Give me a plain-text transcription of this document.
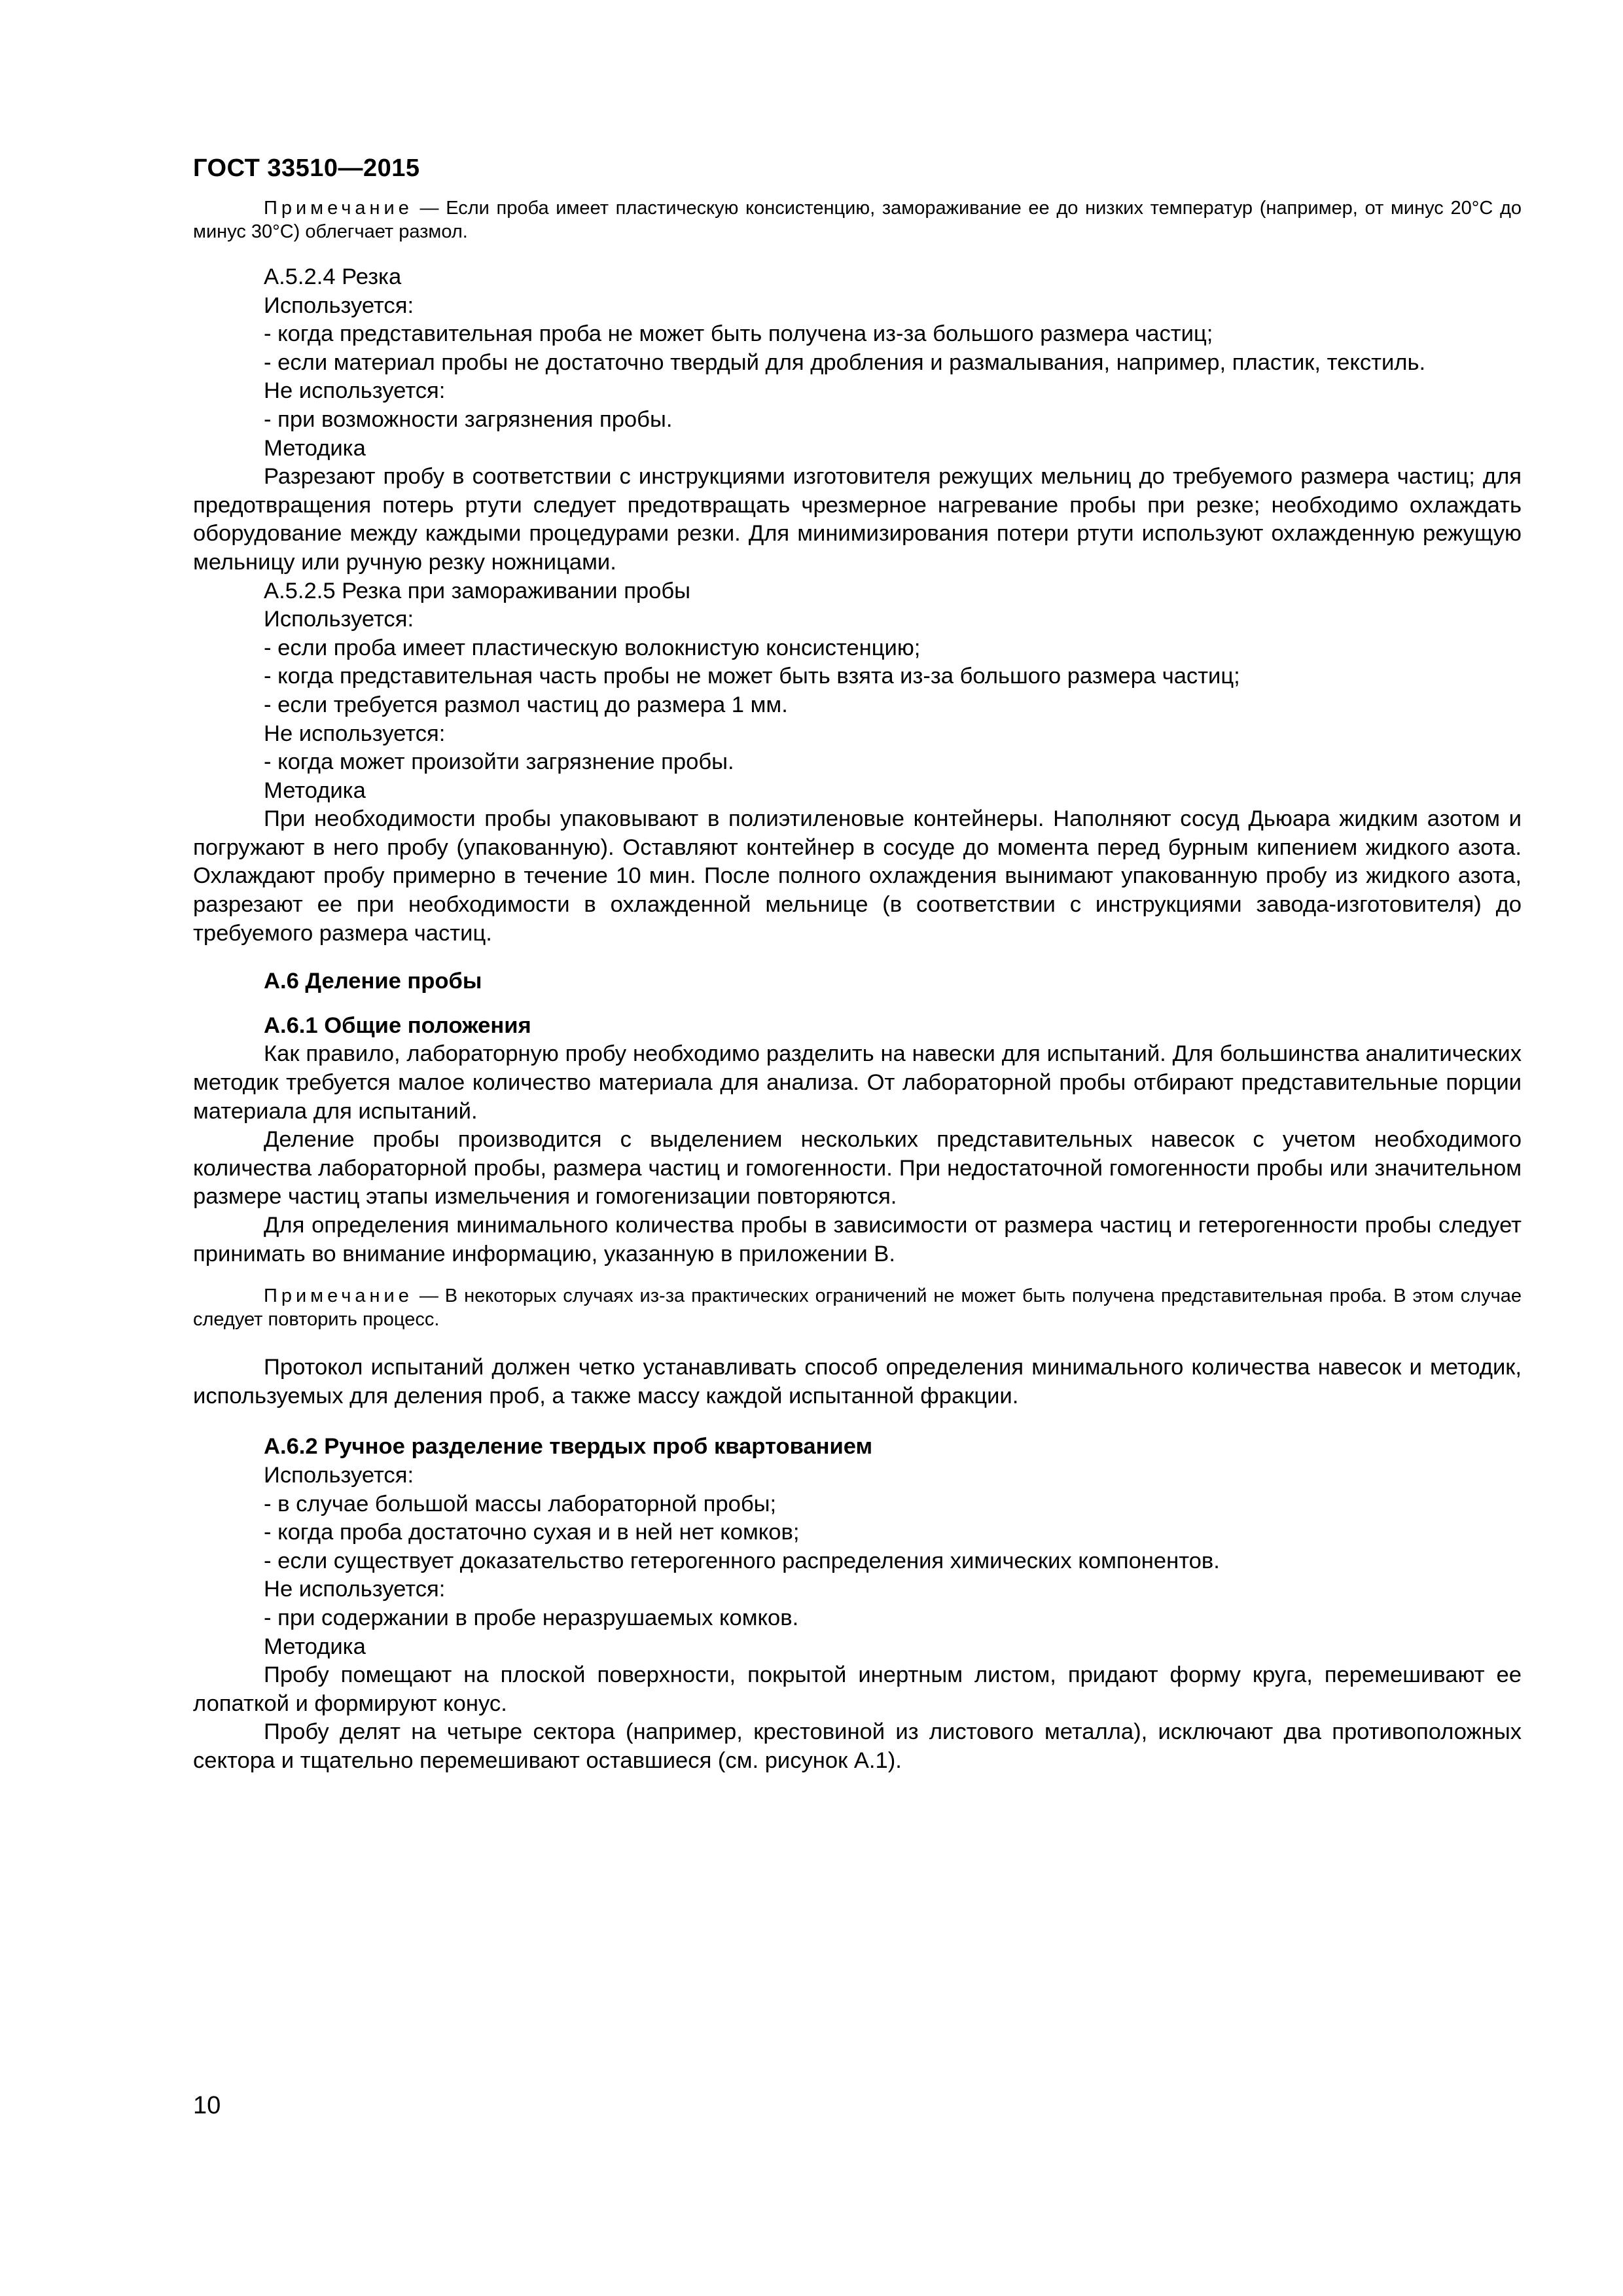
ГОСТ 33510—2015

Примечание — Если проба имеет пластическую консистенцию, замораживание ее до низких температур (например, от минус 20°С до минус 30°С) облегчает размол.

А.5.2.4 Резка

Используется:

- когда представительная проба не может быть получена из-за большого размера частиц;

- если материал пробы не достаточно твердый для дробления и размалывания, например, пластик, текстиль.

Не используется:

- при возможности загрязнения пробы.

Методика

Разрезают пробу в соответствии с инструкциями изготовителя режущих мельниц до требуемого размера частиц; для предотвращения потерь ртути следует предотвращать чрезмерное нагревание пробы при резке; необходимо охлаждать оборудование между каждыми процедурами резки. Для минимизирования потери ртути используют охлажденную режущую мельницу или ручную резку ножницами.

А.5.2.5 Резка при замораживании пробы

Используется:

- если проба имеет пластическую волокнистую консистенцию;

- когда представительная часть пробы не может быть взята из-за большого размера частиц;

- если требуется размол частиц до размера 1 мм.

Не используется:

- когда может произойти загрязнение пробы.

Методика

При необходимости пробы упаковывают в полиэтиленовые контейнеры. Наполняют сосуд Дьюара жидким азотом и погружают в него пробу (упакованную). Оставляют контейнер в сосуде до момента перед бурным кипением жидкого азота. Охлаждают пробу примерно в течение 10 мин. После полного охлаждения вынимают упакованную пробу из жидкого азота, разрезают ее при необходимости в охлажденной мельнице (в соответствии с инструкциями завода-изготовителя) до требуемого размера частиц.

А.6 Деление пробы

А.6.1 Общие положения

Как правило, лабораторную пробу необходимо разделить на навески для испытаний. Для большинства аналитических методик требуется малое количество материала для анализа. От лабораторной пробы отбирают представительные порции материала для испытаний.

Деление пробы производится с выделением нескольких представительных навесок с учетом необходимого количества лабораторной пробы, размера частиц и гомогенности. При недостаточной гомогенности пробы или значительном размере частиц этапы измельчения и гомогенизации повторяются.

Для определения минимального количества пробы в зависимости от размера частиц и гетерогенности пробы следует принимать во внимание информацию, указанную в приложении В.

Примечание — В некоторых случаях из-за практических ограничений не может быть получена представительная проба. В этом случае следует повторить процесс.

Протокол испытаний должен четко устанавливать способ определения минимального количества навесок и методик, используемых для деления проб, а также массу каждой испытанной фракции.

А.6.2 Ручное разделение твердых проб квартованием

Используется:

- в случае большой массы лабораторной пробы;

- когда проба достаточно сухая и в ней нет комков;

- если существует доказательство гетерогенного распределения химических компонентов.

Не используется:

- при содержании в пробе неразрушаемых комков.

Методика

Пробу помещают на плоской поверхности, покрытой инертным листом, придают форму круга, перемешивают ее лопаткой и формируют конус.

Пробу делят на четыре сектора (например, крестовиной из листового металла), исключают два противоположных сектора и тщательно перемешивают оставшиеся (см. рисунок А.1).

10
